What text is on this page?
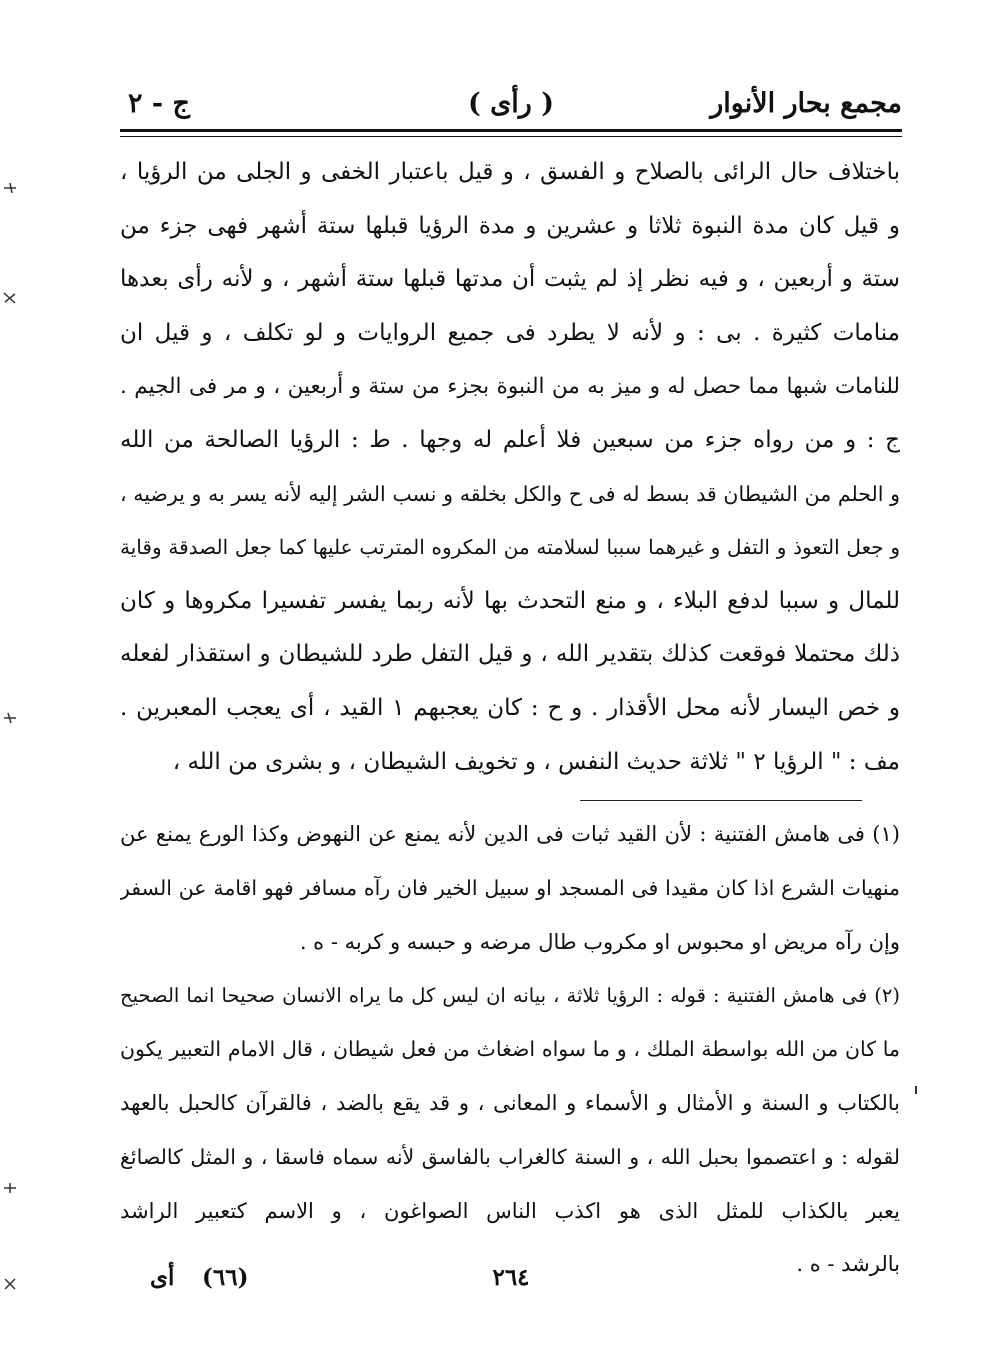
مجمع بحار الأنوار
( رأى )
ج - ٢
باختلاف حال الرائى بالصلاح و الفسق ، و قيل باعتبار الخفى و الجلى من الرؤيا ،
و قيل كان مدة النبوة ثلاثا و عشرين و مدة الرؤيا قبلها ستة أشهر فهى جزء من
ستة و أربعين ، و فيه نظر إذ لم يثبت أن مدتها قبلها ستة أشهر ، و لأنه رأى بعدها
منامات كثيرة . بى : و لأنه لا يطرد فى جميع الروايات و لو تكلف ، و قيل ان
للنامات شبها مما حصل له و ميز به من النبوة بجزء من ستة و أربعين ، و مر فى الجيم .
ج : و من رواه جزء من سبعين فلا أعلم له وجها . ط : الرؤيا الصالحة من الله
و الحلم من الشيطان قد بسط له فى ح والكل بخلقه و نسب الشر إليه لأنه يسر به و يرضيه ،
و جعل التعوذ و التفل و غيرهما سببا لسلامته من المكروه المترتب عليها كما جعل الصدقة وقاية
للمال و سببا لدفع البلاء ، و منع التحدث بها لأنه ربما يفسر تفسيرا مكروها و كان
ذلك محتملا فوقعت كذلك بتقدير الله ، و قيل التفل طرد للشيطان و استقذار لفعله
و خص اليسار لأنه محل الأقذار . و ح : كان يعجبهم ١ القيد ، أى يعجب المعبرين .
مف : " الرؤيا ٢ " ثلاثة حديث النفس ، و تخويف الشيطان ، و بشرى من الله ،
(١) فى هامش الفتنية : لأن القيد ثبات فى الدين لأنه يمنع عن النهوض وكذا الورع يمنع عن
منهيات الشرع اذا كان مقيدا فى المسجد او سبيل الخير فان رآه مسافر فهو اقامة عن السفر
وإن رآه مريض او محبوس او مكروب طال مرضه و حبسه و كربه - ه .
(٢) فى هامش الفتنية : قوله : الرؤيا ثلاثة ، بيانه ان ليس كل ما يراه الانسان صحيحا انما الصحيح
ما كان من الله بواسطة الملك ، و ما سواه اضغاث من فعل شيطان ، قال الامام التعبير يكون
بالكتاب و السنة و الأمثال و الأسماء و المعانى ، و قد يقع بالضد ، فالقرآن كالحبل بالعهد
لقوله : و اعتصموا بحبل الله ، و السنة كالغراب بالفاسق لأنه سماه فاسقا ، و المثل كالصائغ
يعبر بالكذاب للمثل الذى هو اكذب الناس الصواغون ، و الاسم كتعبير الراشد
بالرشد - ه .
٢٦٤
(٦٦)
أى
